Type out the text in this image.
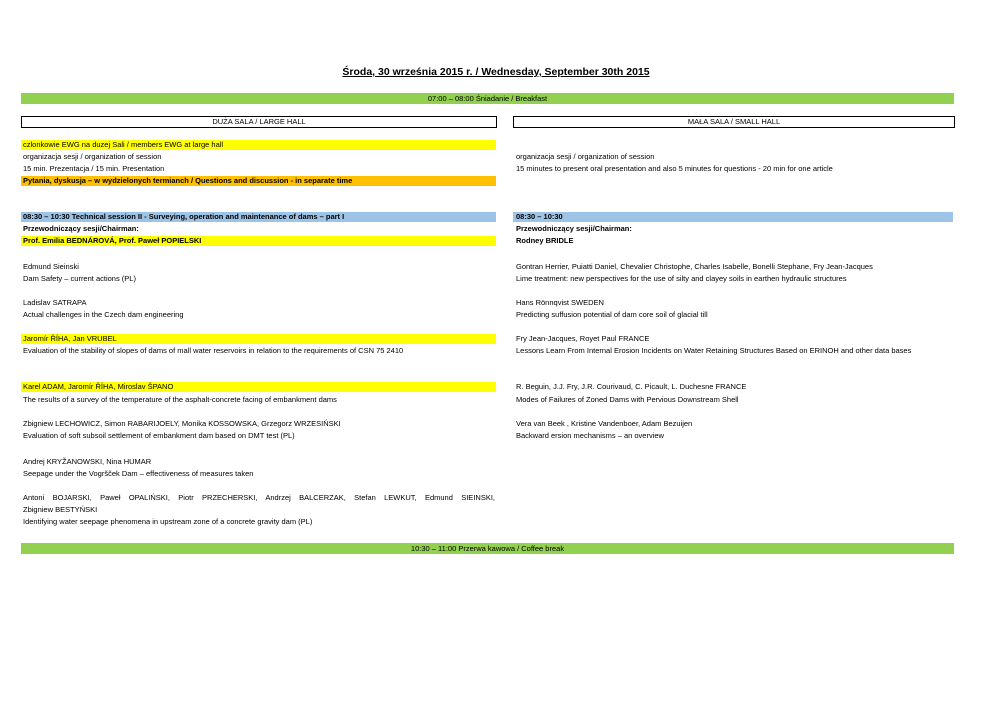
Środa, 30 września 2015 r. / Wednesday, September 30th 2015
07:00 – 08:00 Śniadanie / Breakfast
DUŻA SALA / LARGE HALL	MAŁA SALA / SMALL HALL
czlonkowie EWG na duzej Sali / members EWG at large hall
organizacja sesji / organization of session
15 min. Prezentacja / 15 min. Presentation
Pytania, dyskusja – w wydzielonych termianch / Questions and discussion - in separate time
organizacja sesji / organization of session
15 minutes to present oral presentation and also 5 minutes for questions - 20 min for one article
08:30 – 10:30 Technical session II - Surveying, operation and maintenance of dams – part I
Przewodniczący sesji/Chairman:
Prof. Emilia BEDNÁROVÁ, Prof. Paweł POPIELSKI
08:30 – 10:30
Przewodniczący sesji/Chairman:
Rodney BRIDLE
Edmund Sieinski
Dam Safety – current actions (PL)
Ladislav SATRAPA
Actual challenges in the Czech dam engineering
Jaromír ŘÍHA, Jan VRUBEL
Evaluation of the stability of slopes of dams of mall water reservoirs in relation to the requirements of CSN 75 2410
Karel ADAM, Jaromír ŘÍHA, Miroslav ŠPANO
The results of a survey of the temperature of the asphalt-concrete facing of embankment dams
Zbigniew LECHOWICZ, Simon RABARIJOELY, Monika KOSSOWSKA, Grzegorz WRZESIŃSKI
Evaluation of soft subsoil settlement of embankment dam based on DMT test (PL)
Andrej KRYŽANOWSKI, Nina HUMAR
Seepage under the Vogršček Dam – effectiveness of measures taken
Antoni BOJARSKI, Paweł OPALIŃSKI, Piotr PRZECHERSKI, Andrzej BALCERZAK, Stefan LEWKUT, Edmund SIEINSKI,
Zbigniew BESTYŃSKI
Identifying water seepage phenomena in upstream zone of a concrete gravity dam (PL)
Gontran Herrier, Puiatti Daniel, Chevalier Christophe, Charles Isabelle, Bonelli Stephane, Fry Jean-Jacques
Lime treatment: new perspectives for the use of silty and clayey soils in earthen hydraulic structures
Hans Rönnqvist SWEDEN
Predicting suffusion potential of dam core soil of glacial till
Fry Jean-Jacques, Royet Paul FRANCE
Lessons Learn From Internal Erosion Incidents on Water Retaining Structures Based on ERINOH and other data bases
R. Beguin, J.J. Fry, J.R. Courivaud, C. Picault, L. Duchesne FRANCE
Modes of Failures of Zoned Dams with Pervious Downstream Shell
Vera van Beek , Kristine Vandenboer, Adam Bezuijen
Backward ersion mechanisms – an overview
10:30 – 11:00 Przerwa kawowa / Coffee break
